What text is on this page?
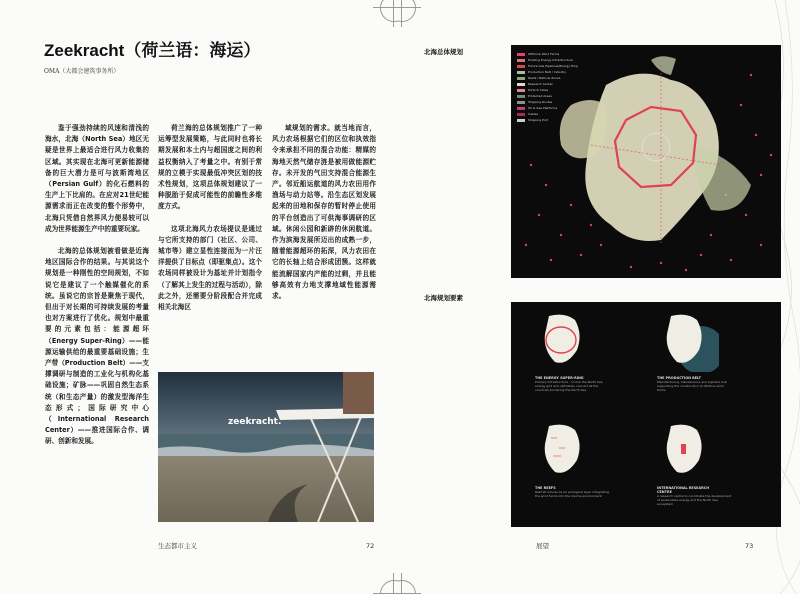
Zeekracht（荷兰语：海运）
OMA（大都会建筑事务所）

鉴于强劲持续的风速和清浅的海水，北海（North Sea）地区无疑是世界上最适合进行风力收集的区域。其实现在北海可更新能源储备的巨大潜力是可与波斯湾地区（Persian Gulf）的化石燃料的生产上下比肩的。在应对21世纪能源需求而正在改变的整个形势中，北海只凭借自然界风力便易较可以成为世界能源生产中的重要玩家。

北海的总体规划被看做是近海地区国际合作的结果。与其说这个规划是一种刚性的空间规划，不如说它是建议了一个触媒催化的系统。虽说它的宗旨是聚焦于现代，但出于对长期的可持续发展的考量也对方案进行了优化。规划中最重要的元素包括：能源超环（Energy Super-Ring）——能源运输供给的最重要基础设施；生产带（Production Belt）——支撑调研与制造的工业化与机构化基础设施；矿脉——巩固自然生态系统（和生态产量）的激发型海洋生态形式；国际研究中心（International Research Center）——推进国际合作、调研、创新和发展。

荷兰海的总体规划推广了一种运筹型发展策略，与此同时也将长期发展和本土内与超国度之间的利益权衡纳入了考量之中。有别于常规的立模于实现最低冲突区划的技术性规划，这项总体规划建议了一种脱胎于促成可能性的前瞻性多维度方式。

这项北海风力农场提议是通过与它所支持的部门（社区、公司、城市等）建立显性连接而为一片汪洋提供了目标点（即驱集点）。这个农场同样被设计为基址并计划指令（了解其上发生的过程与活动），除此之外，还需要分阶段配合并完成相关北海区

域规划的需求。就当地而言，风力农场根据它们的区位和执效指令来承担不同的混合功能：精媒的海地天然气储存涟是被用做能源贮存。未开发的气田支持混合能源生产。邻近船运航道的风力农田用作渔场与动力站等。沿生态区划发展起来的田地和保存的暂时停止使用的平台创造出了可供海事调研的区域。休闲公园和新辟的休闲航道。作为滨海发展所迈出的成熟一步，随着能源超环的拓深，风力农田在它的长轴上结合形成团簇。这样就能流解国家内产能的过剩，并且能够高效有力地支撑地域性能源需求。

zeekracht.
生态都市主义	72
北海总体规划
北海规划要素
Offshore Wind Farms
Existing Energy Infrastructure
Future Gas Pipelines/Energy Ring
Production Belt / Industry
Reefs / Natural Zones
Research Center
Ports & Cities
Protected Areas
Shipping Routes
Oil & Gas Platforms
Cables
Shipping Port
THE ENERGY SUPER-RING
Primary Infrastructure – to link the North Sea energy grid and ultimately connect all the countries bordering the North Sea
THE PRODUCTION BELT
Manufacturing, maintenance and logistics hub supporting the construction of offshore wind farms
THE REEFS
Reef structures as an ecological layer integrating the wind farms into the marine environment
INTERNATIONAL RESEARCH CENTRE
A research centre to coordinate the development of sustainable energy and the North Sea ecosystem
展望	73
